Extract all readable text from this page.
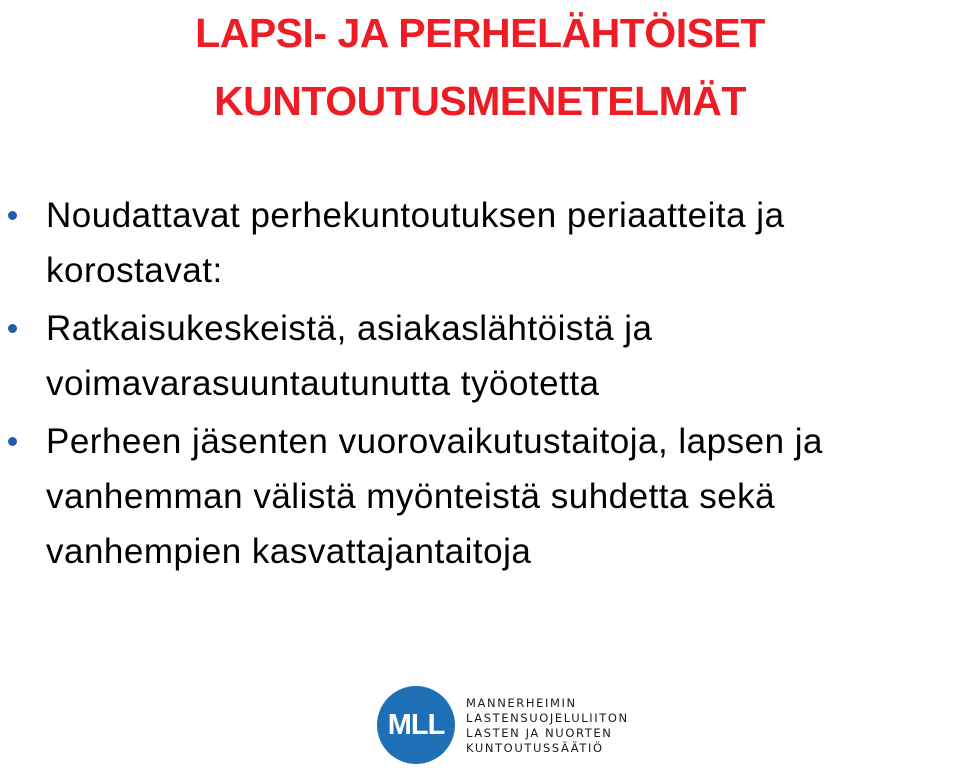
LAPSI- JA PERHELÄHTÖISET
KUNTOUTUSMENETELMÄT
Noudattavat perhekuntoutuksen periaatteita ja
korostavat:
Ratkaisukeskeistä, asiakaslähtöistä ja
voimavarasuuntautunutta työotetta
Perheen jäsenten vuorovaikutustaitoja, lapsen ja
vanhemman välistä myönteistä suhdetta sekä
vanhempien kasvattajantaitoja
MLL
MANNERHEIMIN
LASTENSUOJELULIITON
LASTEN JA NUORTEN
KUNTOUTUSSÄÄTIÖ
